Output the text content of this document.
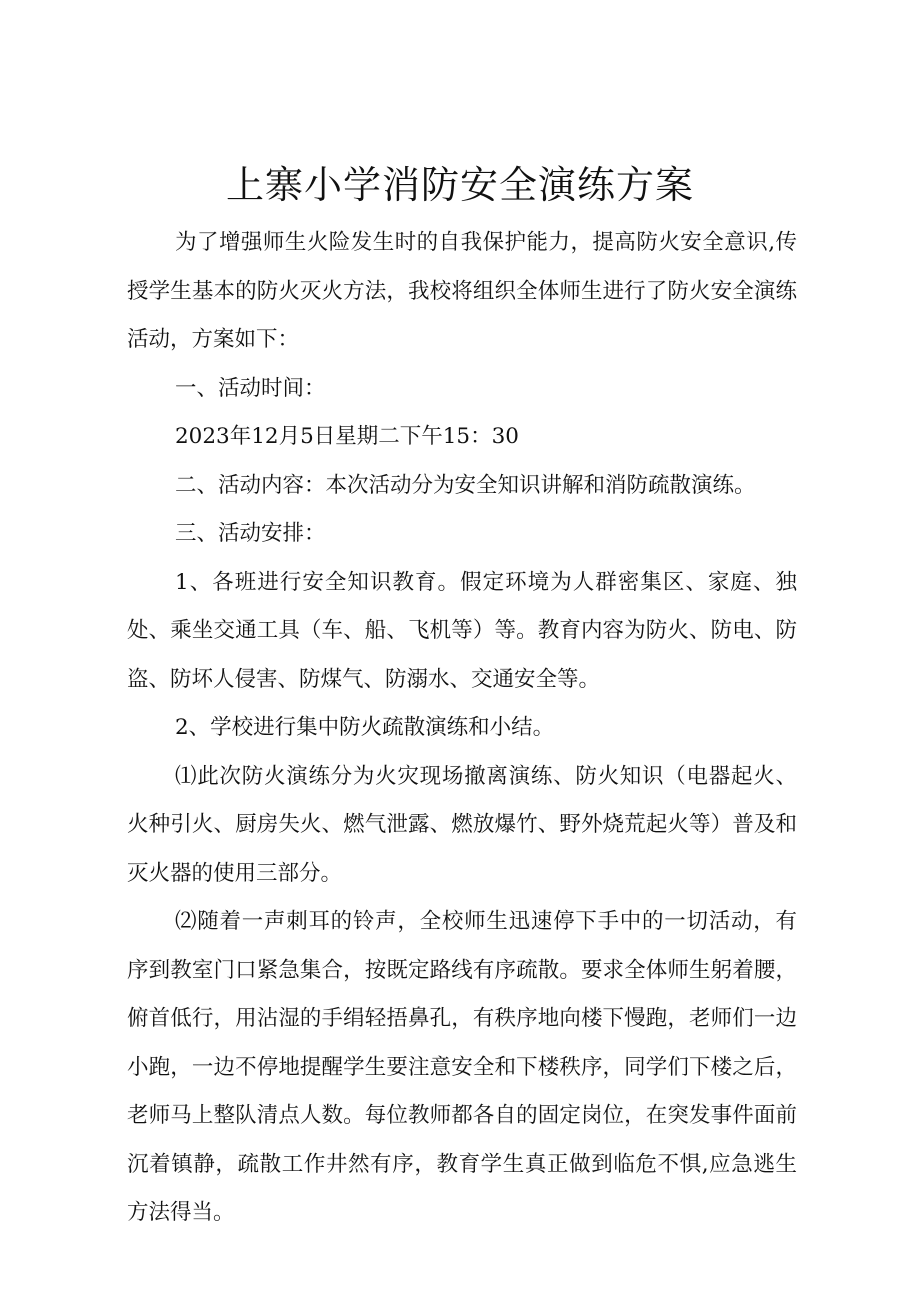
上寨小学消防安全演练方案

为了增强师生火险发生时的自我保护能力，提高防火安全意识,传授学生基本的防火灭火方法，我校将组织全体师生进行了防火安全演练活动，方案如下：

一、活动时间：

2023年12月5日星期二下午15：30

二、活动内容：本次活动分为安全知识讲解和消防疏散演练。

三、活动安排：

1、各班进行安全知识教育。假定环境为人群密集区、家庭、独处、乘坐交通工具（车、船、飞机等）等。教育内容为防火、防电、防盗、防坏人侵害、防煤气、防溺水、交通安全等。

2、学校进行集中防火疏散演练和小结。

⑴此次防火演练分为火灾现场撤离演练、防火知识（电器起火、火种引火、厨房失火、燃气泄露、燃放爆竹、野外烧荒起火等）普及和灭火器的使用三部分。

⑵随着一声刺耳的铃声，全校师生迅速停下手中的一切活动，有序到教室门口紧急集合，按既定路线有序疏散。要求全体师生躬着腰，俯首低行，用沾湿的手绢轻捂鼻孔，有秩序地向楼下慢跑，老师们一边小跑，一边不停地提醒学生要注意安全和下楼秩序，同学们下楼之后，老师马上整队清点人数。每位教师都各自的固定岗位，在突发事件面前沉着镇静，疏散工作井然有序，教育学生真正做到临危不惧,应急逃生方法得当。
